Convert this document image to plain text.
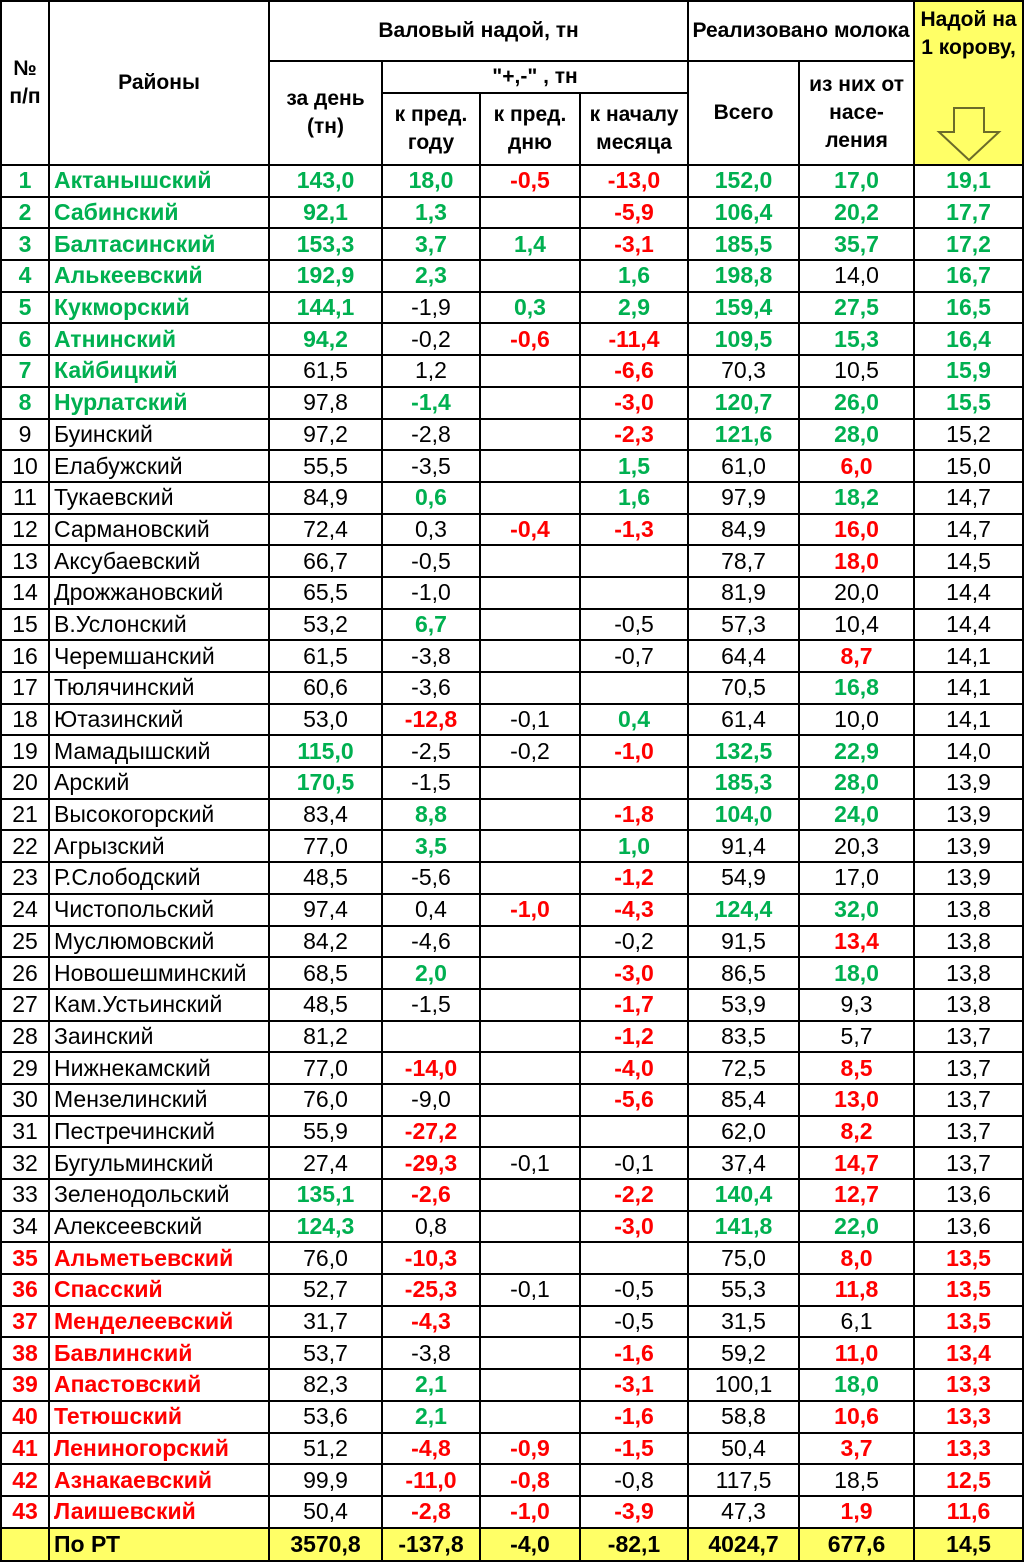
№ п/п	Районы	Валовый надой, тн				Реализовано молока		Надой на 1 корову,

		за день (тн)	"+,-" , тн			Всего	из них от насе- ления	
			к пред. году	к пред. дню	к началу месяца			
1	Актанышский	143,0	18,0	-0,5	-13,0	152,0	17,0	19,1
2	Сабинский	92,1	1,3		-5,9	106,4	20,2	17,7
3	Балтасинский	153,3	3,7	1,4	-3,1	185,5	35,7	17,2
4	Алькеевский	192,9	2,3		1,6	198,8	14,0	16,7
5	Кукморский	144,1	-1,9	0,3	2,9	159,4	27,5	16,5
6	Атнинский	94,2	-0,2	-0,6	-11,4	109,5	15,3	16,4
7	Кайбицкий	61,5	1,2		-6,6	70,3	10,5	15,9
8	Нурлатский	97,8	-1,4		-3,0	120,7	26,0	15,5
9	Буинский	97,2	-2,8		-2,3	121,6	28,0	15,2
10	Елабужский	55,5	-3,5		1,5	61,0	6,0	15,0
11	Тукаевский	84,9	0,6		1,6	97,9	18,2	14,7
12	Сармановский	72,4	0,3	-0,4	-1,3	84,9	16,0	14,7
13	Аксубаевский	66,7	-0,5			78,7	18,0	14,5
14	Дрожжановский	65,5	-1,0			81,9	20,0	14,4
15	В.Услонский	53,2	6,7		-0,5	57,3	10,4	14,4
16	Черемшанский	61,5	-3,8		-0,7	64,4	8,7	14,1
17	Тюлячинский	60,6	-3,6			70,5	16,8	14,1
18	Ютазинский	53,0	-12,8	-0,1	0,4	61,4	10,0	14,1
19	Мамадышский	115,0	-2,5	-0,2	-1,0	132,5	22,9	14,0
20	Арский	170,5	-1,5			185,3	28,0	13,9
21	Высокогорский	83,4	8,8		-1,8	104,0	24,0	13,9
22	Агрызский	77,0	3,5		1,0	91,4	20,3	13,9
23	Р.Слободский	48,5	-5,6		-1,2	54,9	17,0	13,9
24	Чистопольский	97,4	0,4	-1,0	-4,3	124,4	32,0	13,8
25	Муслюмовский	84,2	-4,6		-0,2	91,5	13,4	13,8
26	Новошешминский	68,5	2,0		-3,0	86,5	18,0	13,8
27	Кам.Устьинский	48,5	-1,5		-1,7	53,9	9,3	13,8
28	Заинский	81,2			-1,2	83,5	5,7	13,7
29	Нижнекамский	77,0	-14,0		-4,0	72,5	8,5	13,7
30	Мензелинский	76,0	-9,0		-5,6	85,4	13,0	13,7
31	Пестречинский	55,9	-27,2			62,0	8,2	13,7
32	Бугульминский	27,4	-29,3	-0,1	-0,1	37,4	14,7	13,7
33	Зеленодольский	135,1	-2,6		-2,2	140,4	12,7	13,6
34	Алексеевский	124,3	0,8		-3,0	141,8	22,0	13,6
35	Альметьевский	76,0	-10,3			75,0	8,0	13,5
36	Спасский	52,7	-25,3	-0,1	-0,5	55,3	11,8	13,5
37	Менделеевский	31,7	-4,3		-0,5	31,5	6,1	13,5
38	Бавлинский	53,7	-3,8		-1,6	59,2	11,0	13,4
39	Апастовский	82,3	2,1		-3,1	100,1	18,0	13,3
40	Тетюшский	53,6	2,1		-1,6	58,8	10,6	13,3
41	Лениногорский	51,2	-4,8	-0,9	-1,5	50,4	3,7	13,3
42	Азнакаевский	99,9	-11,0	-0,8	-0,8	117,5	18,5	12,5
43	Лаишевский	50,4	-2,8	-1,0	-3,9	47,3	1,9	11,6
	По РТ	3570,8	-137,8	-4,0	-82,1	4024,7	677,6	14,5
